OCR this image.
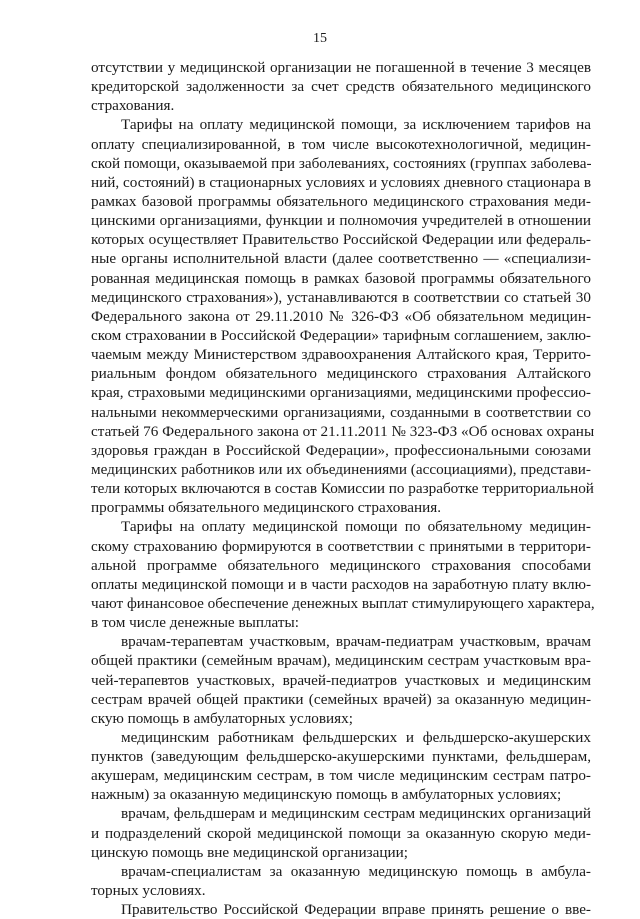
15
отсутствии у медицинской организации не погашенной в течение 3 месяцев
кредиторской задолженности за счет средств обязательного медицинского
страхования.
Тарифы на оплату медицинской помощи, за исключением тарифов на
оплату специализированной, в том числе высокотехнологичной, медицин-
ской помощи, оказываемой при заболеваниях, состояниях (группах заболева-
ний, состояний) в стационарных условиях и условиях дневного стационара в
рамках базовой программы обязательного медицинского страхования меди-
цинскими организациями, функции и полномочия учредителей в отношении
которых осуществляет Правительство Российской Федерации или федераль-
ные органы исполнительной власти (далее соответственно — «специализи-
рованная медицинская помощь в рамках базовой программы обязательного
медицинского страхования»), устанавливаются в соответствии со статьей 30
Федерального закона от 29.11.2010 № 326-ФЗ «Об обязательном медицин-
ском страховании в Российской Федерации» тарифным соглашением, заклю-
чаемым между Министерством здравоохранения Алтайского края, Террито-
риальным фондом обязательного медицинского страхования Алтайского
края, страховыми медицинскими организациями, медицинскими профессио-
нальными некоммерческими организациями, созданными в соответствии со
статьей 76 Федерального закона от 21.11.2011 № 323-ФЗ «Об основах охраны
здоровья граждан в Российской Федерации», профессиональными союзами
медицинских работников или их объединениями (ассоциациями), представи-
тели которых включаются в состав Комиссии по разработке территориальной
программы обязательного медицинского страхования.
Тарифы на оплату медицинской помощи по обязательному медицин-
скому страхованию формируются в соответствии с принятыми в территори-
альной программе обязательного медицинского страхования способами
оплаты медицинской помощи и в части расходов на заработную плату вклю-
чают финансовое обеспечение денежных выплат стимулирующего характера,
в том числе денежные выплаты:
врачам-терапевтам участковым, врачам-педиатрам участковым, врачам
общей практики (семейным врачам), медицинским сестрам участковым вра-
чей-терапевтов участковых, врачей-педиатров участковых и медицинским
сестрам врачей общей практики (семейных врачей) за оказанную медицин-
скую помощь в амбулаторных условиях;
медицинским работникам фельдшерских и фельдшерско-акушерских
пунктов (заведующим фельдшерско-акушерскими пунктами, фельдшерам,
акушерам, медицинским сестрам, в том числе медицинским сестрам патро-
нажным) за оказанную медицинскую помощь в амбулаторных условиях;
врачам, фельдшерам и медицинским сестрам медицинских организаций
и подразделений скорой медицинской помощи за оказанную скорую меди-
цинскую помощь вне медицинской организации;
врачам-специалистам за оказанную медицинскую помощь в амбула-
торных условиях.
Правительство Российской Федерации вправе принять решение о вве-
